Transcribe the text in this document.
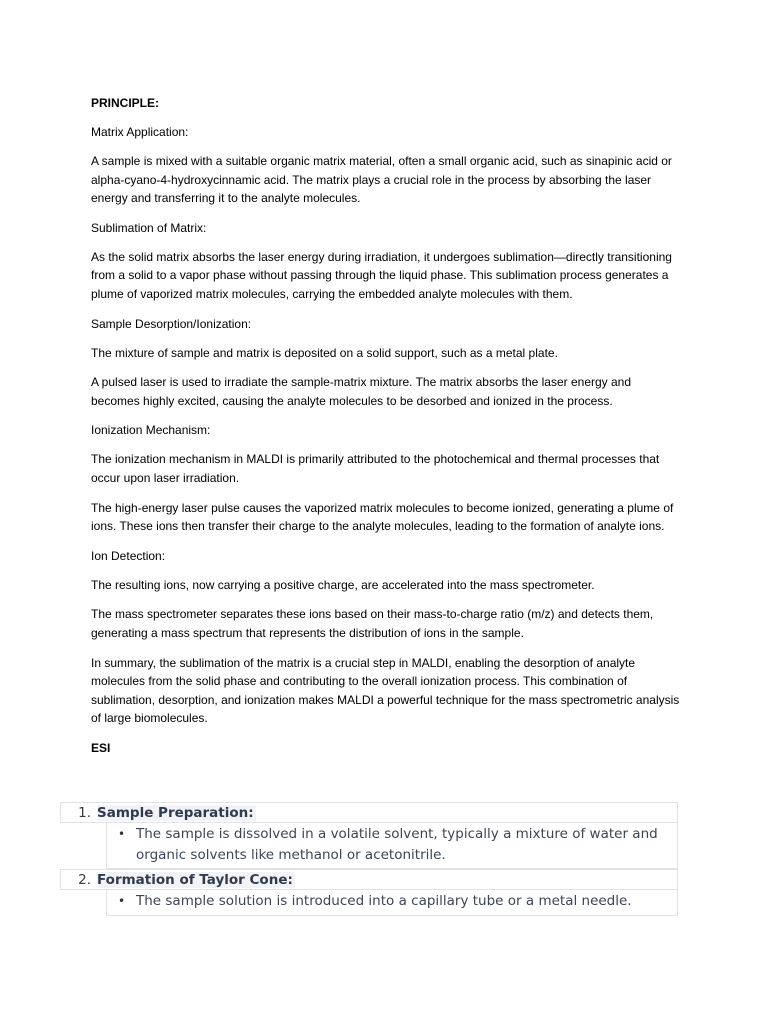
PRINCIPLE:
Matrix Application:
A sample is mixed with a suitable organic matrix material, often a small organic acid, such as sinapinic acid or alpha-cyano-4-hydroxycinnamic acid. The matrix plays a crucial role in the process by absorbing the laser energy and transferring it to the analyte molecules.
Sublimation of Matrix:
As the solid matrix absorbs the laser energy during irradiation, it undergoes sublimation—directly transitioning from a solid to a vapor phase without passing through the liquid phase. This sublimation process generates a plume of vaporized matrix molecules, carrying the embedded analyte molecules with them.
Sample Desorption/Ionization:
The mixture of sample and matrix is deposited on a solid support, such as a metal plate.
A pulsed laser is used to irradiate the sample-matrix mixture. The matrix absorbs the laser energy and becomes highly excited, causing the analyte molecules to be desorbed and ionized in the process.
Ionization Mechanism:
The ionization mechanism in MALDI is primarily attributed to the photochemical and thermal processes that occur upon laser irradiation.
The high-energy laser pulse causes the vaporized matrix molecules to become ionized, generating a plume of ions. These ions then transfer their charge to the analyte molecules, leading to the formation of analyte ions.
Ion Detection:
The resulting ions, now carrying a positive charge, are accelerated into the mass spectrometer.
The mass spectrometer separates these ions based on their mass-to-charge ratio (m/z) and detects them, generating a mass spectrum that represents the distribution of ions in the sample.
In summary, the sublimation of the matrix is a crucial step in MALDI, enabling the desorption of analyte molecules from the solid phase and contributing to the overall ionization process. This combination of sublimation, desorption, and ionization makes MALDI a powerful technique for the mass spectrometric analysis of large biomolecules.
ESI
1. Sample Preparation:
• The sample is dissolved in a volatile solvent, typically a mixture of water and organic solvents like methanol or acetonitrile.
2. Formation of Taylor Cone:
• The sample solution is introduced into a capillary tube or a metal needle.
